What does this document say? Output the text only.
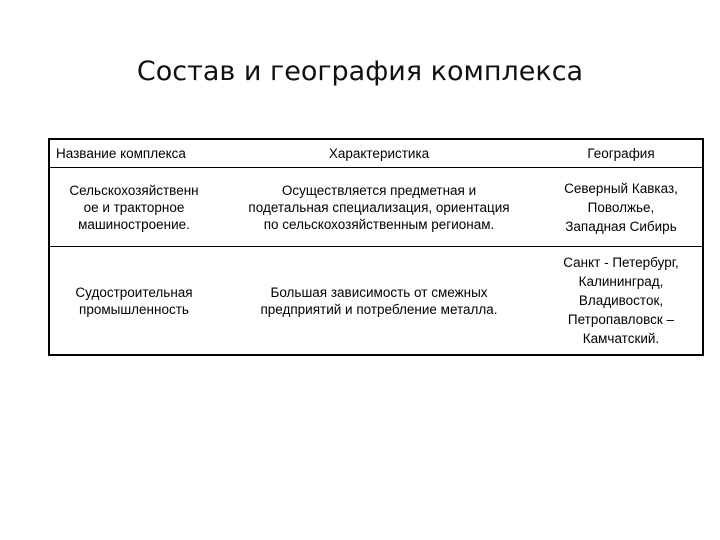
Состав и география комплекса
Название комплекса	Характеристика	География
Сельскохозяйственн
ое и тракторное
машиностроение.
Осуществляется предметная и
подетальная специализация, ориентация
по сельскохозяйственным регионам.
Северный Кавказ,
Поволжье,
Западная Сибирь
Судостроительная
промышленность
Большая зависимость от смежных
предприятий и потребление металла.
Санкт - Петербург,
Калининград,
Владивосток,
Петропавловск –
Камчатский.
